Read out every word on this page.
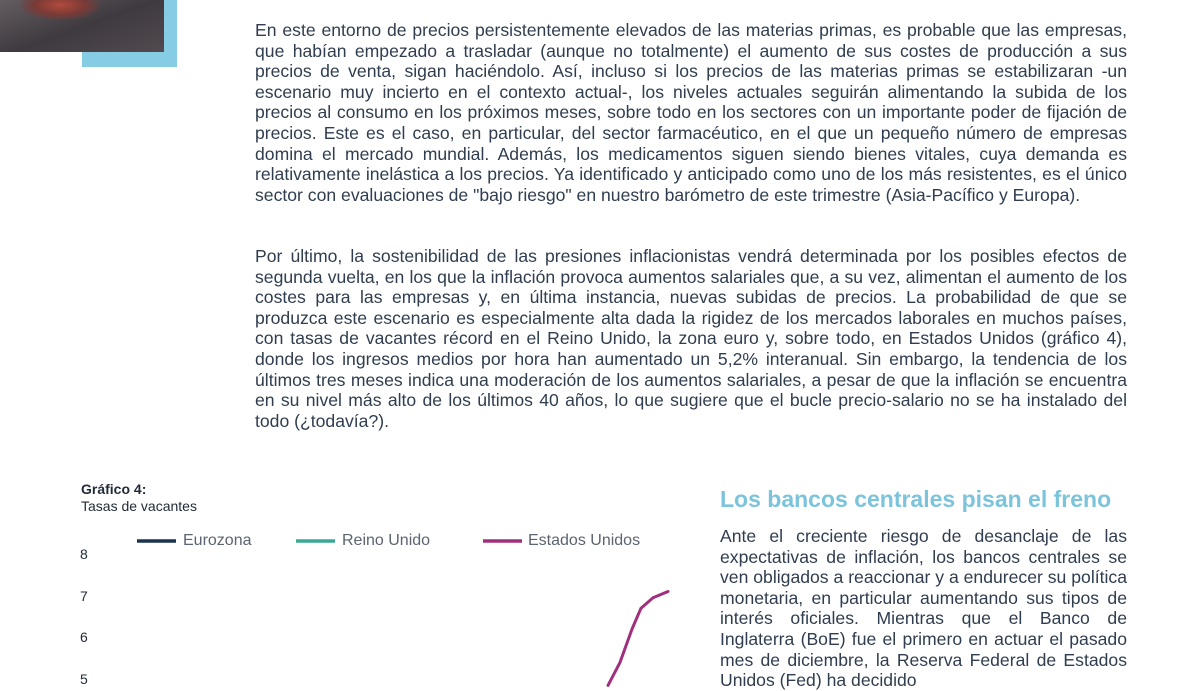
En este entorno de precios persistentemente elevados de las materias primas, es probable que las empresas, que habían empezado a trasladar (aunque no totalmente) el aumento de sus costes de producción a sus precios de venta, sigan haciéndolo. Así, incluso si los precios de las materias primas se estabilizaran -un escenario muy incierto en el contexto actual-, los niveles actuales seguirán alimentando la subida de los precios al consumo en los próximos meses, sobre todo en los sectores con un importante poder de fijación de precios. Este es el caso, en particular, del sector farmacéutico, en el que un pequeño número de empresas domina el mercado mundial. Además, los medicamentos siguen siendo bienes vitales, cuya demanda es relativamente inelástica a los precios. Ya identificado y anticipado como uno de los más resistentes, es el único sector con evaluaciones de "bajo riesgo" en nuestro barómetro de este trimestre (Asia-Pacífico y Europa).

Por último, la sostenibilidad de las presiones inflacionistas vendrá determinada por los posibles efectos de segunda vuelta, en los que la inflación provoca aumentos salariales que, a su vez, alimentan el aumento de los costes para las empresas y, en última instancia, nuevas subidas de precios. La probabilidad de que se produzca este escenario es especialmente alta dada la rigidez de los mercados laborales en muchos países, con tasas de vacantes récord en el Reino Unido, la zona euro y, sobre todo, en Estados Unidos (gráfico 4), donde los ingresos medios por hora han aumentado un 5,2% interanual. Sin embargo, la tendencia de los últimos tres meses indica una moderación de los aumentos salariales, a pesar de que la inflación se encuentra en su nivel más alto de los últimos 40 años, lo que sugiere que el bucle precio-salario no se ha instalado del todo (¿todavía?).

Gráfico 4:
Tasas de vacantes
Eurozona	Reino Unido	Estados Unidos
8
7
6
5
Los bancos centrales pisan el freno

Ante el creciente riesgo de desanclaje de las expectativas de inflación, los bancos centrales se ven obligados a reaccionar y a endurecer su política monetaria, en particular aumentando sus tipos de interés oficiales. Mientras que el Banco de Inglaterra (BoE) fue el primero en actuar el pasado mes de diciembre, la Reserva Federal de Estados Unidos (Fed) ha decidido
